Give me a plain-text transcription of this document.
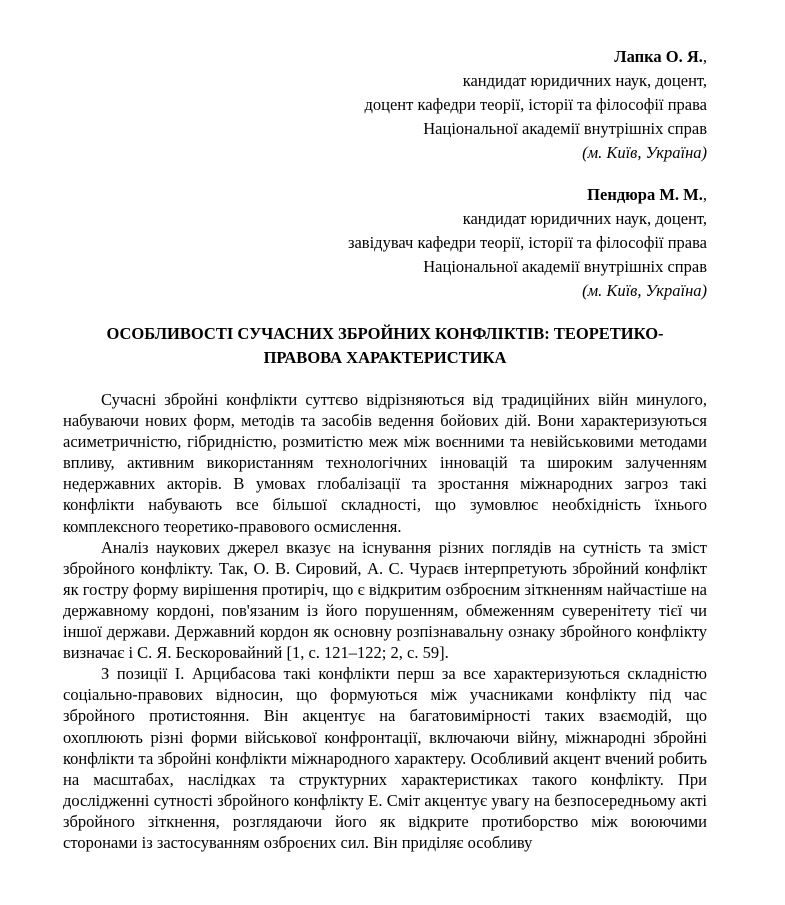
Лапка О. Я.,
кандидат юридичних наук, доцент,
доцент кафедри теорії, історії та філософії права
Національної академії внутрішніх справ
(м. Київ, Україна)
Пендюра М. М.,
кандидат юридичних наук, доцент,
завідувач кафедри теорії, історії та філософії права
Національної академії внутрішніх справ
(м. Київ, Україна)
ОСОБЛИВОСТІ СУЧАСНИХ ЗБРОЙНИХ КОНФЛІКТІВ: ТЕОРЕТИКО-
ПРАВОВА ХАРАКТЕРИСТИКА

Сучасні збройні конфлікти суттєво відрізняються від традиційних війн минулого, набуваючи нових форм, методів та засобів ведення бойових дій. Вони характеризуються асиметричністю, гібридністю, розмитістю меж між воєнними та невійськовими методами впливу, активним використанням технологічних інновацій та широким залученням недержавних акторів. В умовах глобалізації та зростання міжнародних загроз такі конфлікти набувають все більшої складності, що зумовлює необхідність їхнього комплексного теоретико-правового осмислення.

Аналіз наукових джерел вказує на існування різних поглядів на сутність та зміст збройного конфлікту. Так, О. В. Сировий, А. С. Чураєв інтерпретують збройний конфлікт як гостру форму вирішення протиріч, що є відкритим озброєним зіткненням найчастіше на державному кордоні, пов'язаним із його порушенням, обмеженням суверенітету тієї чи іншої держави. Державний кордон як основну розпізнавальну ознаку збройного конфлікту визначає і С. Я. Бескоровайний [1, с. 121–122; 2, с. 59].

З позиції І. Арцибасова такі конфлікти перш за все характеризуються складністю соціально-правових відносин, що формуються між учасниками конфлікту під час збройного протистояння. Він акцентує на багатовимірності таких взаємодій, що охоплюють різні форми військової конфронтації, включаючи війну, міжнародні збройні конфлікти та збройні конфлікти міжнародного характеру. Особливий акцент вчений робить на масштабах, наслідках та структурних характеристиках такого конфлікту. При дослідженні сутності збройного конфлікту Е. Сміт акцентує увагу на безпосередньому акті збройного зіткнення, розглядаючи його як відкрите протиборство між воюючими сторонами із застосуванням озброєних сил. Він приділяє особливу
